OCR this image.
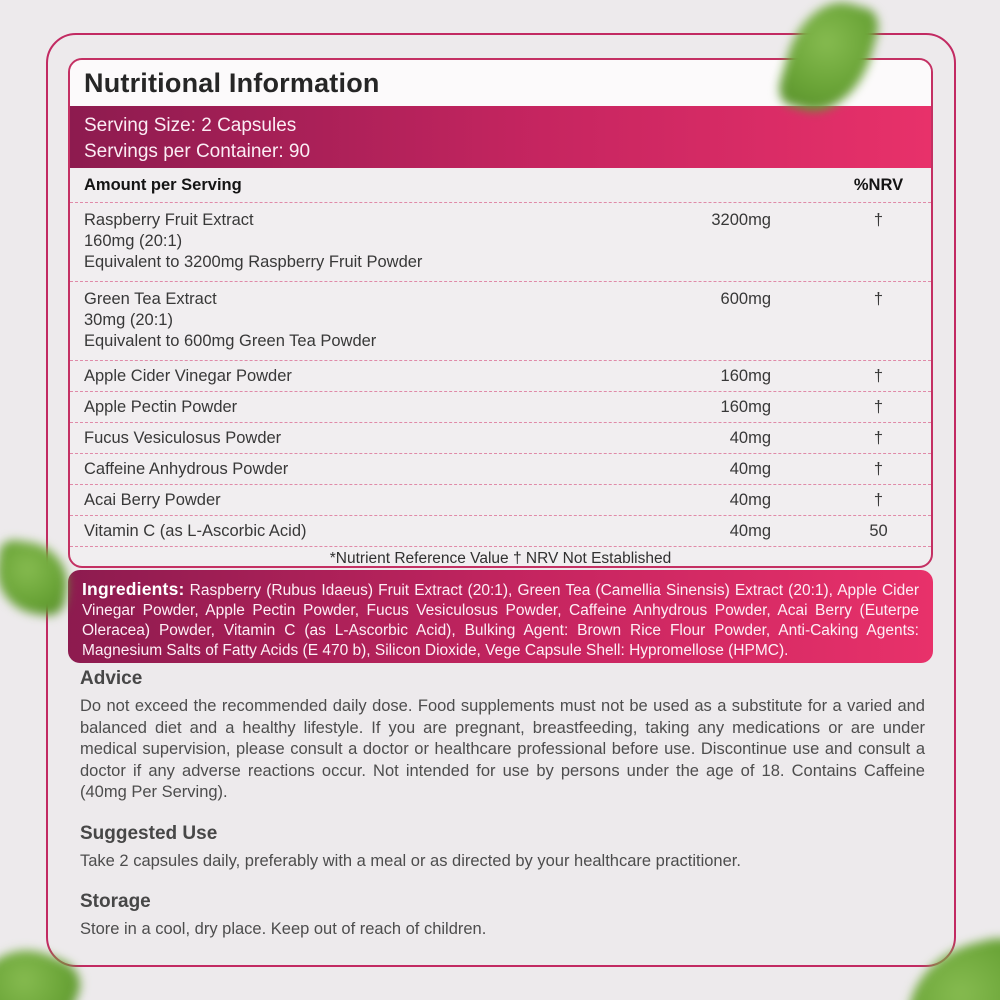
Nutritional Information
Serving Size: 2 Capsules
Servings per Container: 90
Amount per Serving	%NRV
Raspberry Fruit Extract
160mg (20:1)
Equivalent to 3200mg Raspberry Fruit Powder
3200mg	†
Green Tea Extract
30mg (20:1)
Equivalent to 600mg Green Tea Powder
600mg	†
Apple Cider Vinegar Powder	160mg	†
Apple Pectin Powder	160mg	†
Fucus Vesiculosus Powder	40mg	†
Caffeine Anhydrous Powder	40mg	†
Acai Berry Powder	40mg	†
Vitamin C (as L-Ascorbic Acid)	40mg	50
*Nutrient Reference Value † NRV Not Established
Ingredients: Raspberry (Rubus Idaeus) Fruit Extract (20:1), Green Tea (Camellia Sinensis) Extract (20:1), Apple Cider Vinegar Powder, Apple Pectin Powder, Fucus Vesiculosus Powder, Caffeine Anhydrous Powder, Acai Berry (Euterpe Oleracea) Powder, Vitamin C (as L-Ascorbic Acid), Bulking Agent: Brown Rice Flour Powder, Anti-Caking Agents: Magnesium Salts of Fatty Acids (E 470 b), Silicon Dioxide, Vege Capsule Shell: Hypromellose (HPMC).

Advice

Do not exceed the recommended daily dose. Food supplements must not be used as a substitute for a varied and balanced diet and a healthy lifestyle. If you are pregnant, breastfeeding, taking any medications or are under medical supervision, please consult a doctor or healthcare professional before use. Discontinue use and consult a doctor if any adverse reactions occur. Not intended for use by persons under the age of 18. Contains Caffeine (40mg Per Serving).

Suggested Use

Take 2 capsules daily, preferably with a meal or as directed by your healthcare practitioner.

Storage

Store in a cool, dry place. Keep out of reach of children.
